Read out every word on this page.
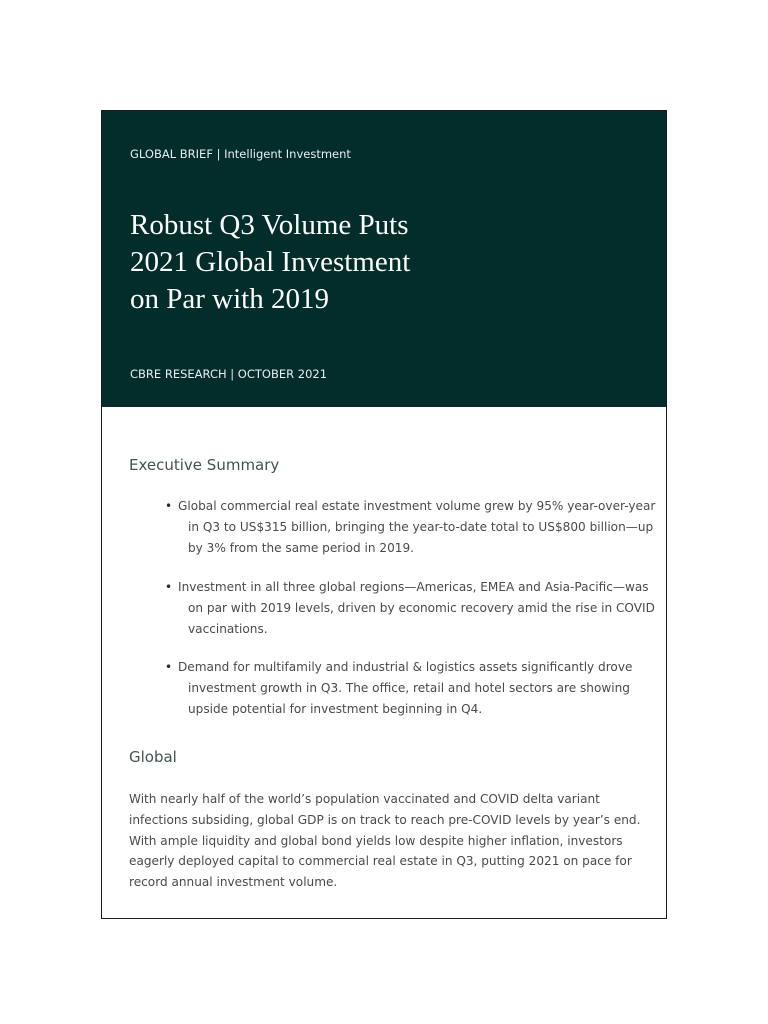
GLOBAL BRIEF | Intelligent Investment
Robust Q3 Volume Puts
2021 Global Investment
on Par with 2019
CBRE RESEARCH | OCTOBER 2021
Executive Summary
• Global commercial real estate investment volume grew by 95% year-over-year
in Q3 to US$315 billion, bringing the year-to-date total to US$800 billion—up
by 3% from the same period in 2019.
• Investment in all three global regions—Americas, EMEA and Asia-Pacific—was
on par with 2019 levels, driven by economic recovery amid the rise in COVID
vaccinations.
• Demand for multifamily and industrial & logistics assets significantly drove
investment growth in Q3. The office, retail and hotel sectors are showing
upside potential for investment beginning in Q4.
Global

With nearly half of the world’s population vaccinated and COVID delta variant
infections subsiding, global GDP is on track to reach pre-COVID levels by year’s end.
With ample liquidity and global bond yields low despite higher inflation, investors
eagerly deployed capital to commercial real estate in Q3, putting 2021 on pace for
record annual investment volume.
